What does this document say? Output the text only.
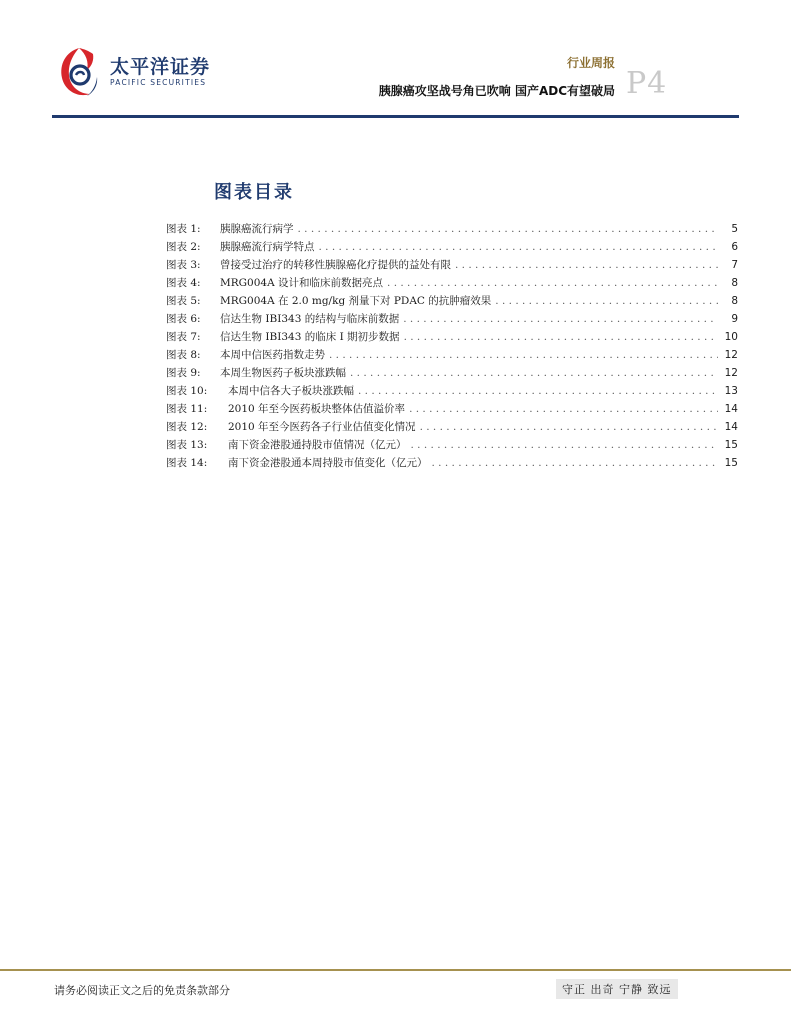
太平洋证券
PACIFIC SECURITIES
行业周报
胰腺癌攻坚战号角已吹响 国产ADC有望破局 P4
图表目录
图表 1:	胰腺癌流行病学 . . .	5
图表 2:	胰腺癌流行病学特点 . . .	6
图表 3:	曾接受过治疗的转移性胰腺癌化疗提供的益处有限 . . .	7
图表 4:	MRG004A 设计和临床前数据亮点 . . .	8
图表 5:	MRG004A 在 2.0 mg/kg 剂量下对 PDAC 的抗肿瘤效果 . . .	8
图表 6:	信达生物 IBI343 的结构与临床前数据 . . .	9
图表 7:	信达生物 IBI343 的临床 I 期初步数据 . . .	10
图表 8:	本周中信医药指数走势 . . .	12
图表 9:	本周生物医药子板块涨跌幅 . . .	12
图表 10:	本周中信各大子板块涨跌幅 . . .	13
图表 11:	2010 年至今医药板块整体估值溢价率 . . .	14
图表 12:	2010 年至今医药各子行业估值变化情况 . . .	14
图表 13:	南下资金港股通持股市值情况（亿元） . . .	15
图表 14:	南下资金港股通本周持股市值变化（亿元） . . .	15
请务必阅读正文之后的免责条款部分	守正 出奇 宁静 致远
